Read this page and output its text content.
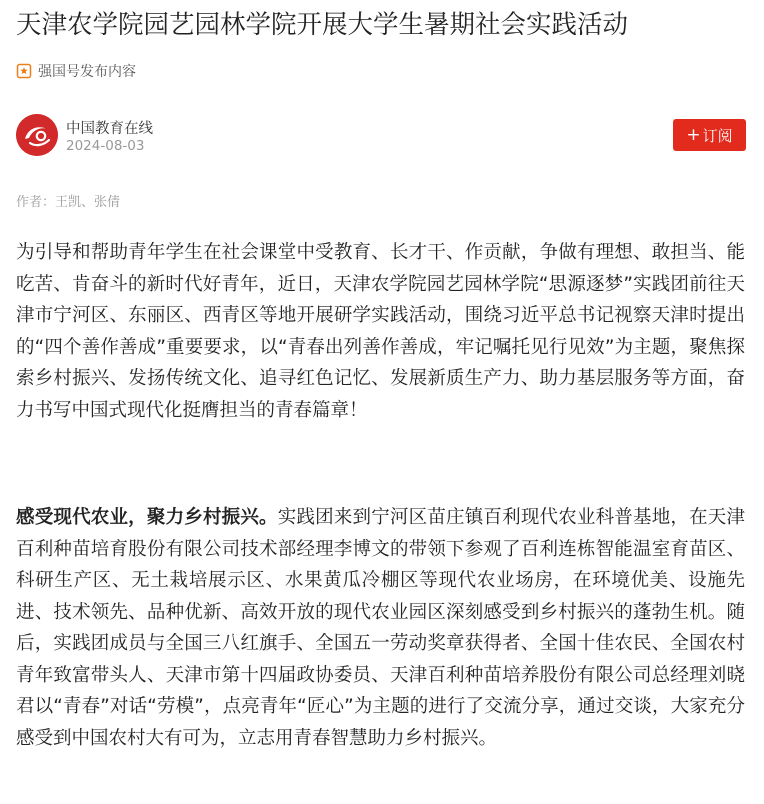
天津农学院园艺园林学院开展大学生暑期社会实践活动
强国号发布内容
中国教育在线
2024-08-03
+ 订阅
作者：王凯、张倩

为引导和帮助青年学生在社会课堂中受教育、长才干、作贡献，争做有理想、敢担当、能吃苦、肯奋斗的新时代好青年，近日，天津农学院园艺园林学院“思源逐梦”实践团前往天津市宁河区、东丽区、西青区等地开展研学实践活动，围绕习近平总书记视察天津时提出的“四个善作善成”重要要求，以“青春出列善作善成，牢记嘱托见行见效”为主题，聚焦探索乡村振兴、发扬传统文化、追寻红色记忆、发展新质生产力、助力基层服务等方面，奋力书写中国式现代化挺膺担当的青春篇章！

感受现代农业，聚力乡村振兴。实践团来到宁河区苗庄镇百利现代农业科普基地，在天津百利种苗培育股份有限公司技术部经理李博文的带领下参观了百利连栋智能温室育苗区、科研生产区、无土栽培展示区、水果黄瓜冷棚区等现代农业场房，在环境优美、设施先进、技术领先、品种优新、高效开放的现代农业园区深刻感受到乡村振兴的蓬勃生机。随后，实践团成员与全国三八红旗手、全国五一劳动奖章获得者、全国十佳农民、全国农村青年致富带头人、天津市第十四届政协委员、天津百利种苗培养股份有限公司总经理刘晓君以“青春”对话“劳模”，点亮青年“匠心”为主题的进行了交流分享，通过交谈，大家充分感受到中国农村大有可为，立志用青春智慧助力乡村振兴。
